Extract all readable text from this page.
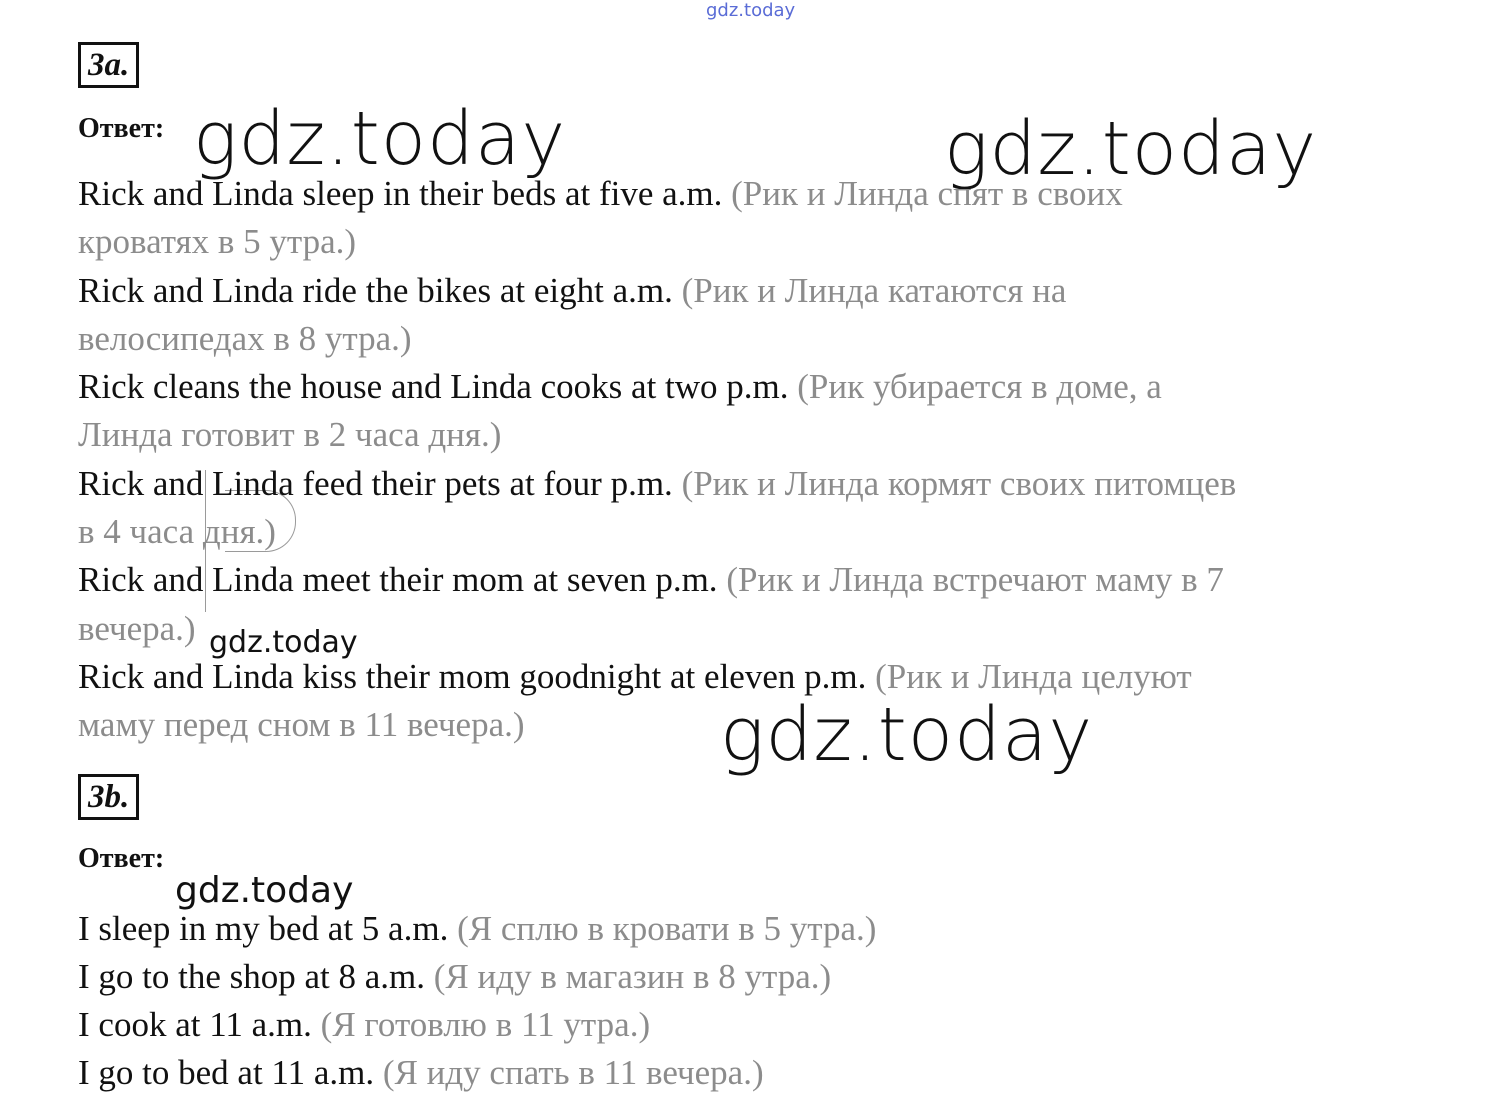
gdz.today
gdz.today	gdz.today
gdz.today
gdz.today
gdz.today
3a.
Ответ:
Rick and Linda sleep in their beds at five a.m. (Рик и Линда спят в своих
кроватях в 5 утра.)
Rick and Linda ride the bikes at eight a.m. (Рик и Линда катаются на
велосипедах в 8 утра.)
Rick cleans the house and Linda cooks at two p.m. (Рик убирается в доме, а
Линда готовит в 2 часа дня.)
Rick and Linda feed their pets at four p.m. (Рик и Линда кормят своих питомцев
в 4 часа дня.)
Rick and Linda meet their mom at seven p.m. (Рик и Линда встречают маму в 7
вечера.)
Rick and Linda kiss their mom goodnight at eleven p.m. (Рик и Линда целуют
маму перед сном в 11 вечера.)
3b.
Ответ:
I sleep in my bed at 5 a.m. (Я сплю в кровати в 5 утра.)
I go to the shop at 8 a.m. (Я иду в магазин в 8 утра.)
I cook at 11 a.m. (Я готовлю в 11 утра.)
I go to bed at 11 a.m. (Я иду спать в 11 вечера.)
